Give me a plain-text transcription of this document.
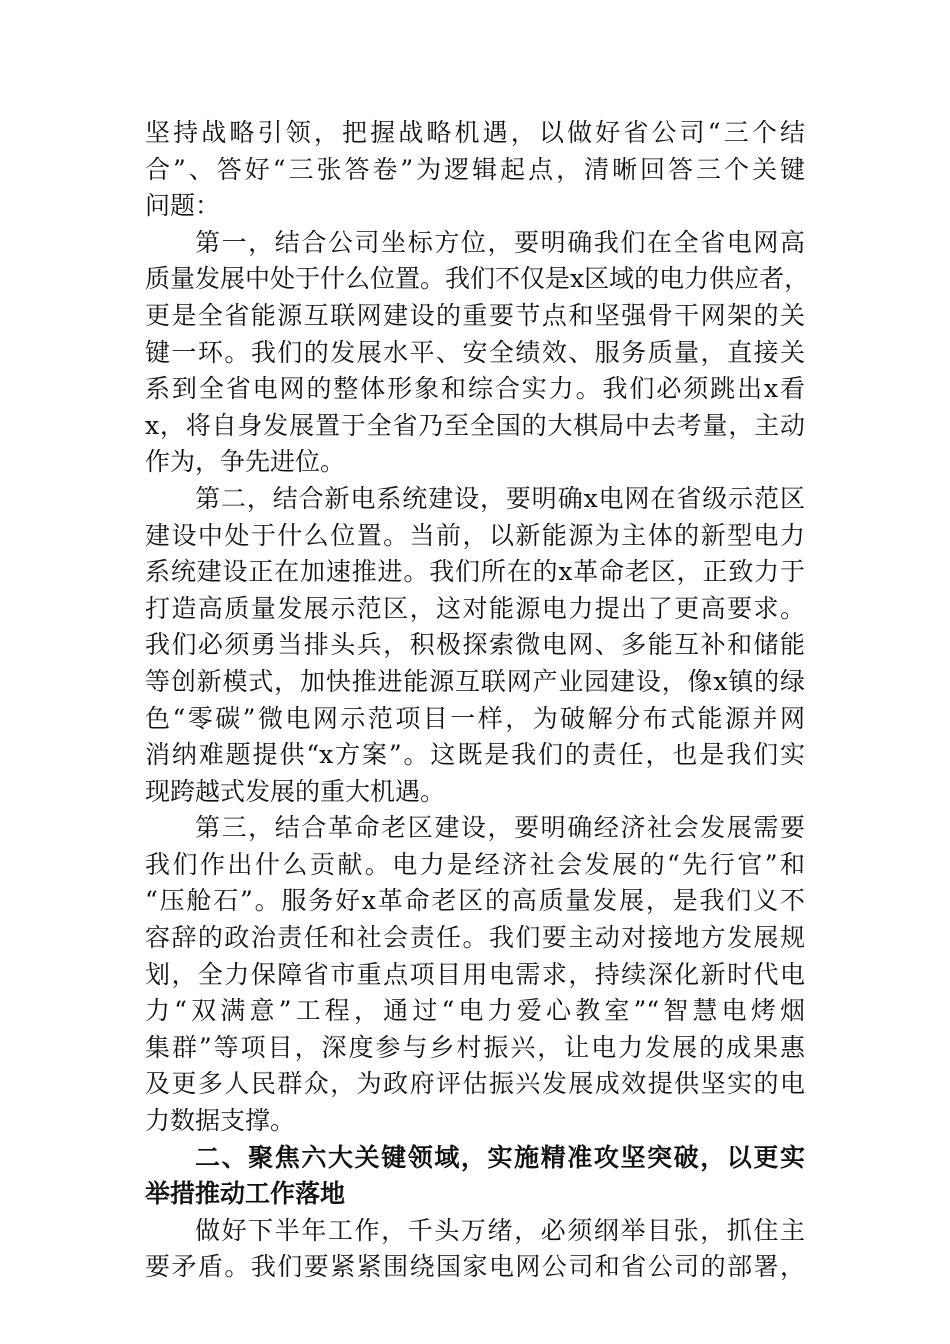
坚持战略引领，把握战略机遇，以做好省公司“三个结
合”、答好“三张答卷”为逻辑起点，清晰回答三个关键
问题：
第一，结合公司坐标方位，要明确我们在全省电网高
质量发展中处于什么位置。我们不仅是x区域的电力供应者，
更是全省能源互联网建设的重要节点和坚强骨干网架的关
键一环。我们的发展水平、安全绩效、服务质量，直接关
系到全省电网的整体形象和综合实力。我们必须跳出x看
x，将自身发展置于全省乃至全国的大棋局中去考量，主动
作为，争先进位。
第二，结合新电系统建设，要明确x电网在省级示范区
建设中处于什么位置。当前，以新能源为主体的新型电力
系统建设正在加速推进。我们所在的x革命老区，正致力于
打造高质量发展示范区，这对能源电力提出了更高要求。
我们必须勇当排头兵，积极探索微电网、多能互补和储能
等创新模式，加快推进能源互联网产业园建设，像x镇的绿
色“零碳”微电网示范项目一样，为破解分布式能源并网
消纳难题提供“x方案”。这既是我们的责任，也是我们实
现跨越式发展的重大机遇。
第三，结合革命老区建设，要明确经济社会发展需要
我们作出什么贡献。电力是经济社会发展的“先行官”和
“压舱石”。服务好x革命老区的高质量发展，是我们义不
容辞的政治责任和社会责任。我们要主动对接地方发展规
划，全力保障省市重点项目用电需求，持续深化新时代电
力“双满意”工程，通过“电力爱心教室”“智慧电烤烟
集群”等项目，深度参与乡村振兴，让电力发展的成果惠
及更多人民群众，为政府评估振兴发展成效提供坚实的电
力数据支撑。
二、聚焦六大关键领域，实施精准攻坚突破，以更实
举措推动工作落地
做好下半年工作，千头万绪，必须纲举目张，抓住主
要矛盾。我们要紧紧围绕国家电网公司和省公司的部署，
